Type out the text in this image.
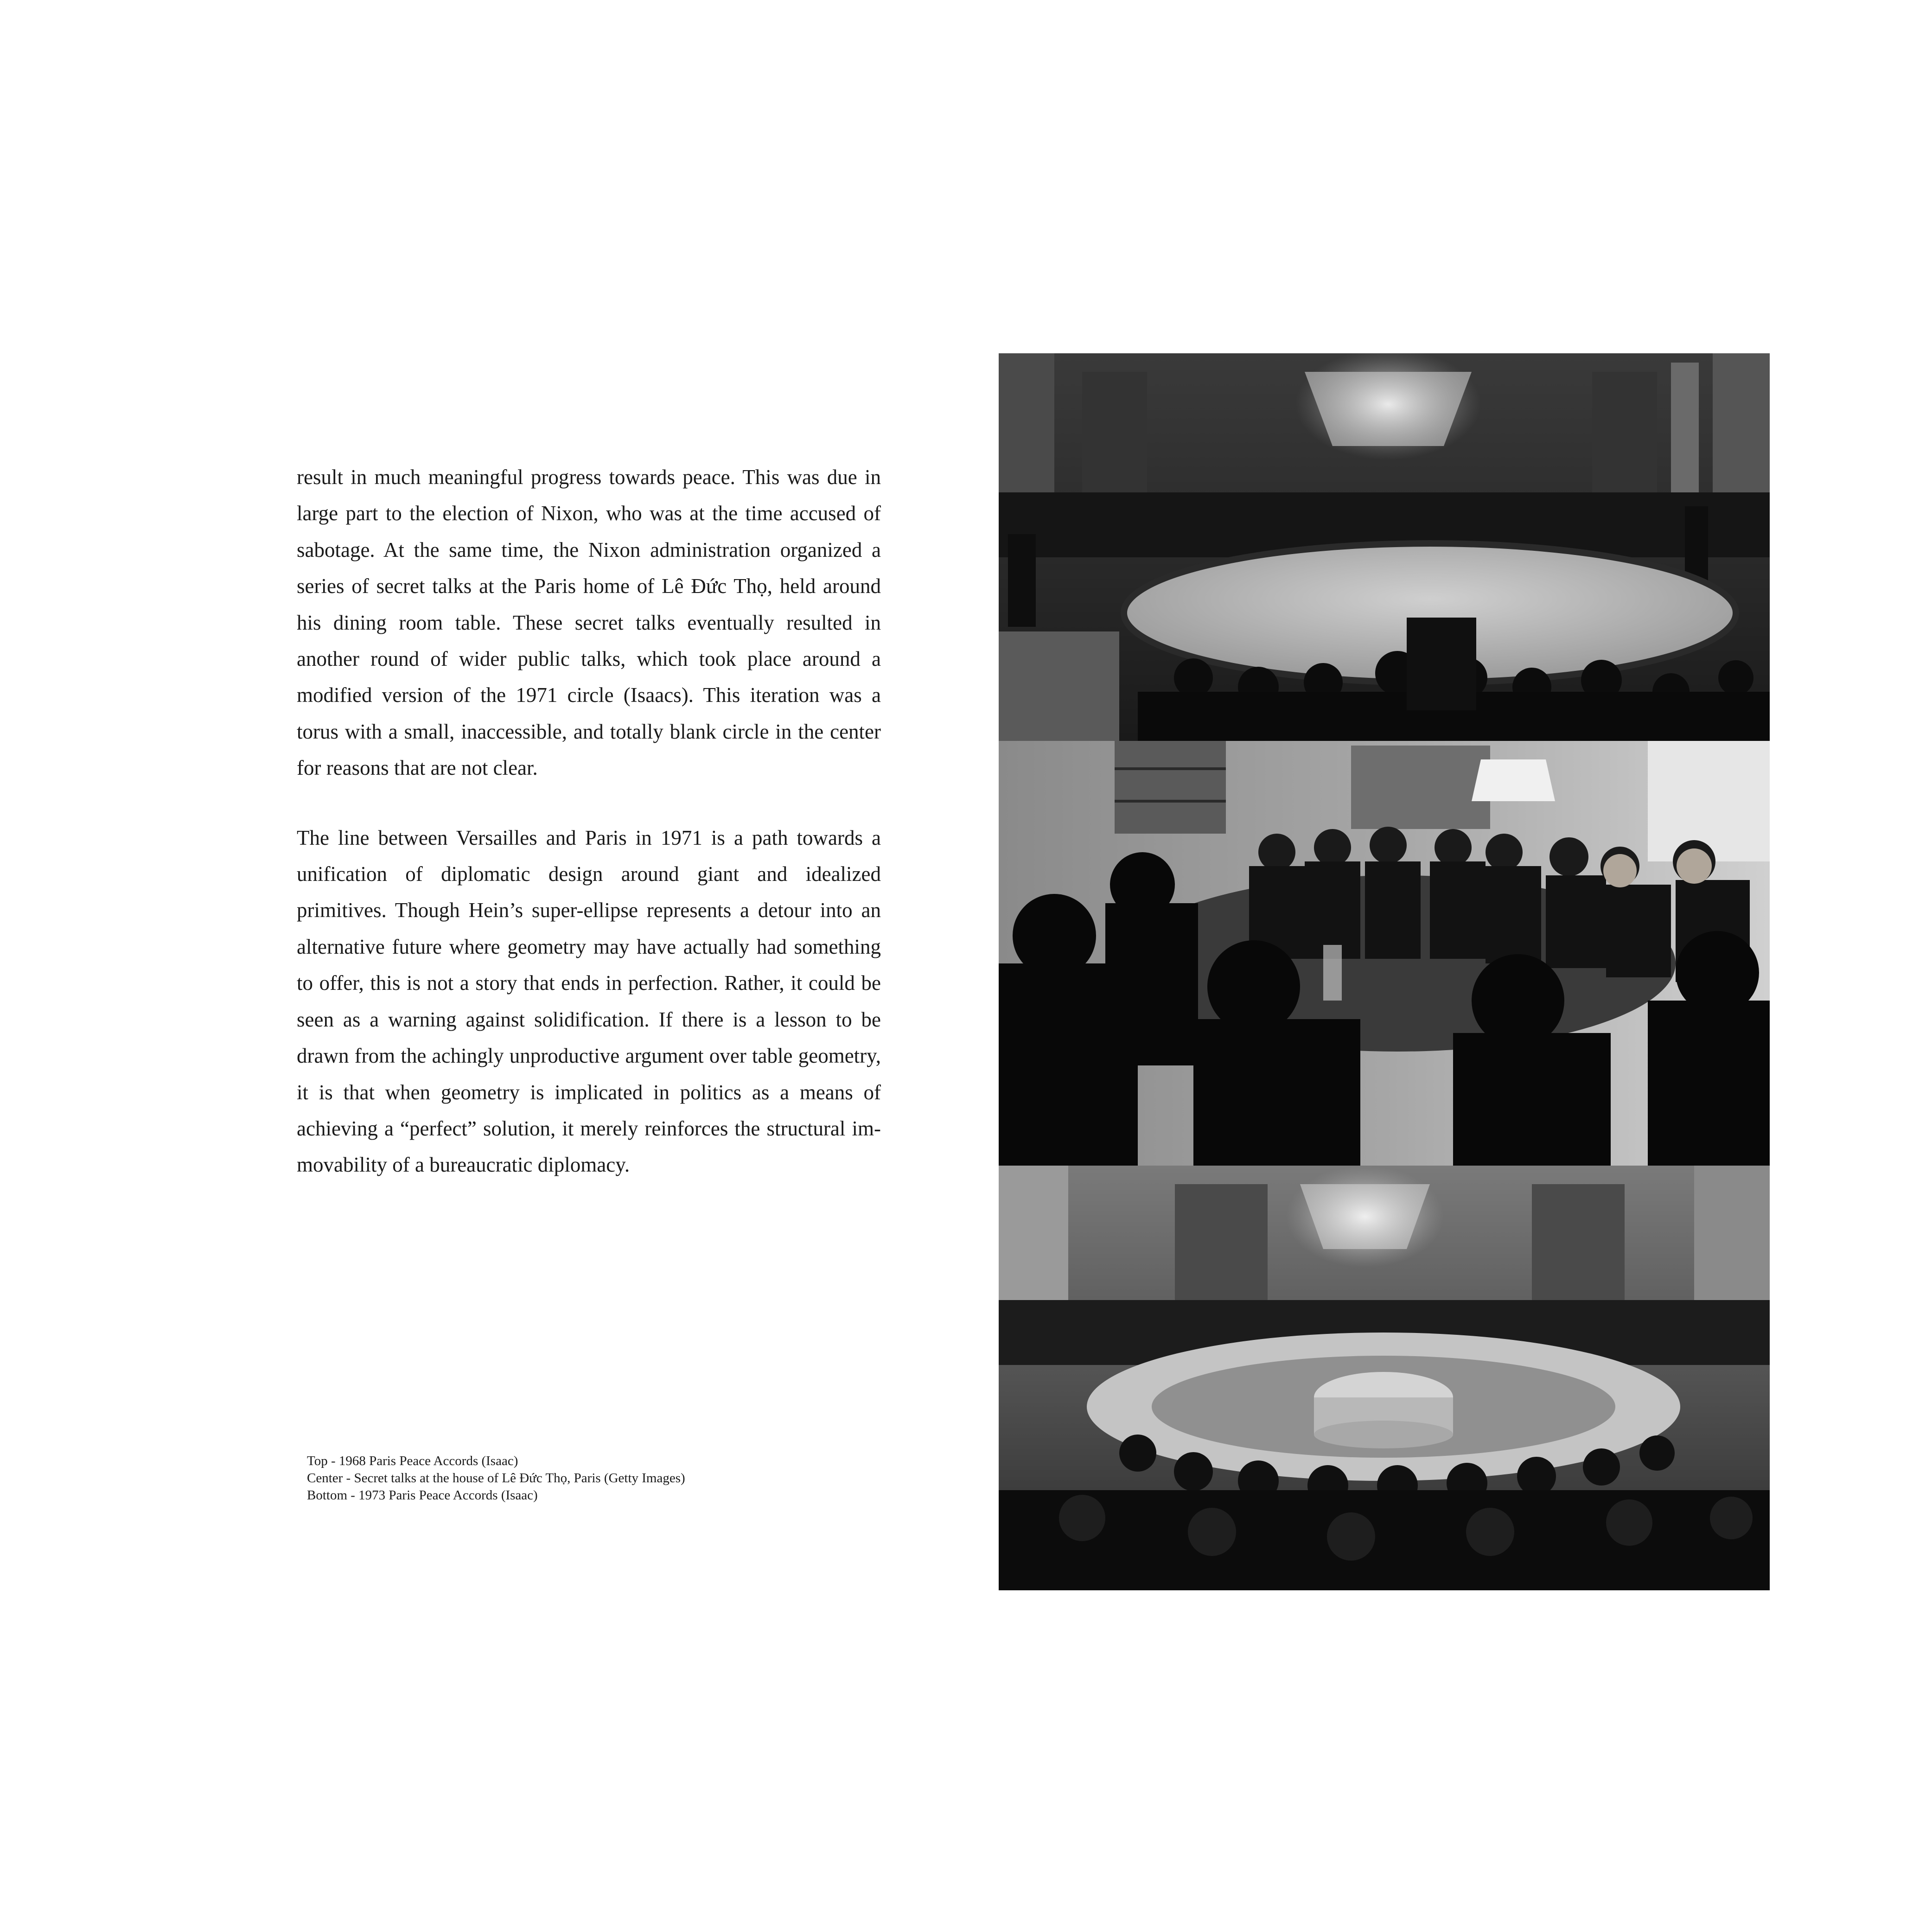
result in much meaningful progress towards peace. This was due in large part to the election of Nixon, who was at the time accused of sabotage. At the same time, the Nixon administration organized a series of secret talks at the Paris home of Lê Đức Thọ, held around his dining room table. These secret talks eventually resulted in another round of wider public talks, which took place around a modified version of the 1971 circle (Isaacs). This iteration was a torus with a small, inaccessible, and totally blank circle in the center for reasons that are not clear.

The line between Versailles and Paris in 1971 is a path towards a unification of diplomatic design around giant and idealized primitives. Though Hein’s super-ellipse represents a detour into an alternative future where geometry may have actually had something to offer, this is not a story that ends in perfection. Rather, it could be seen as a warning against solidification. If there is a lesson to be drawn from the achingly unproductive argument over table geometry, it is that when geometry is implicated in politics as a means of achieving a “perfect” solution, it merely reinforces the structural immovability of a bureaucratic diplomacy.

Top - 1968 Paris Peace Accords (Isaac)
Center - Secret talks at the house of Lê Đức Thọ, Paris (Getty Images)
Bottom - 1973 Paris Peace Accords (Isaac)
